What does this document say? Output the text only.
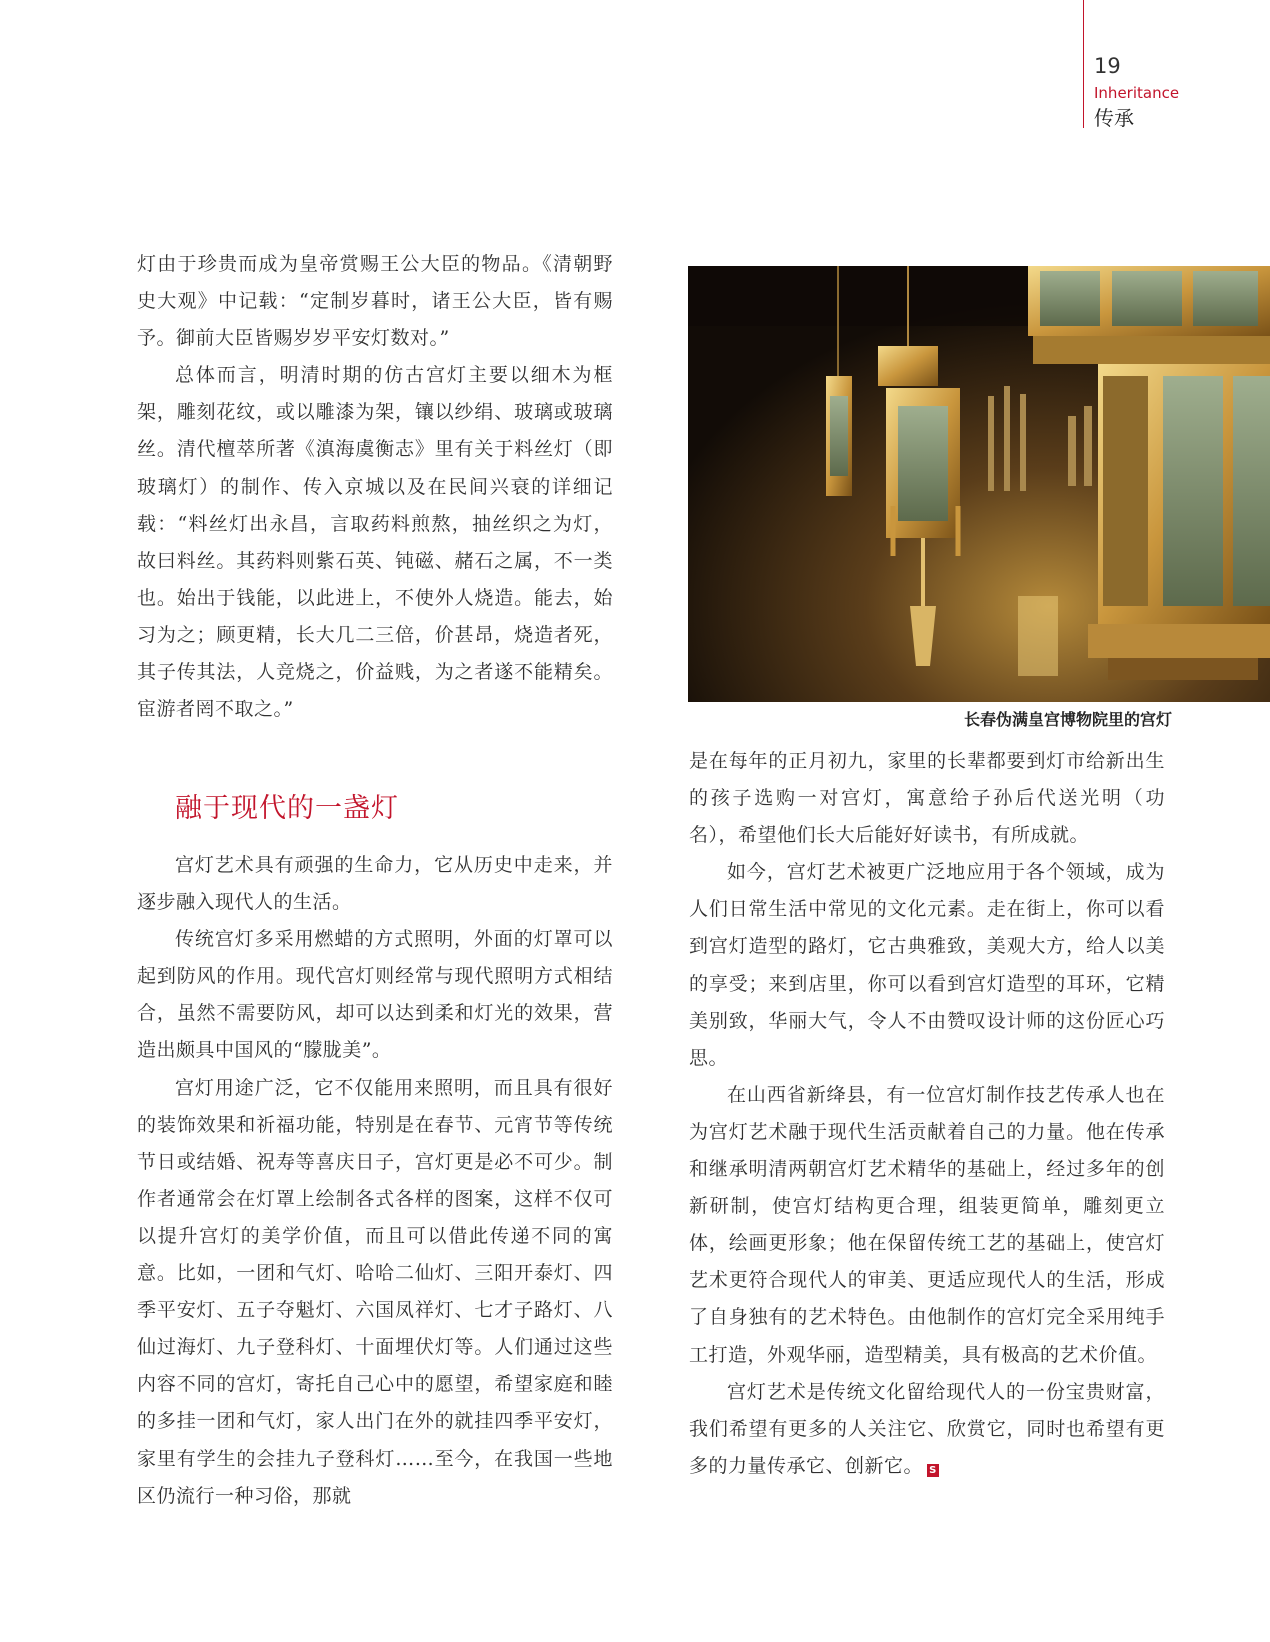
19
Inheritance
传承

灯由于珍贵而成为皇帝赏赐王公大臣的物品。《清朝野史大观》中记载：“定制岁暮时，诸王公大臣，皆有赐予。御前大臣皆赐岁岁平安灯数对。”

总体而言，明清时期的仿古宫灯主要以细木为框架，雕刻花纹，或以雕漆为架，镶以纱绢、玻璃或玻璃丝。清代檀萃所著《滇海虞衡志》里有关于料丝灯（即玻璃灯）的制作、传入京城以及在民间兴衰的详细记载：“料丝灯出永昌，言取药料煎熬，抽丝织之为灯，故曰料丝。其药料则紫石英、钝磁、赭石之属，不一类也。始出于钱能，以此进上，不使外人烧造。能去，始习为之；顾更精，长大几二三倍，价甚昂，烧造者死，其子传其法，人竞烧之，价益贱，为之者遂不能精矣。宦游者罔不取之。”

融于现代的一盏灯

宫灯艺术具有顽强的生命力，它从历史中走来，并逐步融入现代人的生活。

传统宫灯多采用燃蜡的方式照明，外面的灯罩可以起到防风的作用。现代宫灯则经常与现代照明方式相结合，虽然不需要防风，却可以达到柔和灯光的效果，营造出颇具中国风的“朦胧美”。

宫灯用途广泛，它不仅能用来照明，而且具有很好的装饰效果和祈福功能，特别是在春节、元宵节等传统节日或结婚、祝寿等喜庆日子，宫灯更是必不可少。制作者通常会在灯罩上绘制各式各样的图案，这样不仅可以提升宫灯的美学价值，而且可以借此传递不同的寓意。比如，一团和气灯、哈哈二仙灯、三阳开泰灯、四季平安灯、五子夺魁灯、六国凤祥灯、七才子路灯、八仙过海灯、九子登科灯、十面埋伏灯等。人们通过这些内容不同的宫灯，寄托自己心中的愿望，希望家庭和睦的多挂一团和气灯，家人出门在外的就挂四季平安灯，家里有学生的会挂九子登科灯……至今，在我国一些地区仍流行一种习俗，那就

长春伪满皇宫博物院里的宫灯

是在每年的正月初九，家里的长辈都要到灯市给新出生的孩子选购一对宫灯，寓意给子孙后代送光明（功名），希望他们长大后能好好读书，有所成就。

如今，宫灯艺术被更广泛地应用于各个领域，成为人们日常生活中常见的文化元素。走在街上，你可以看到宫灯造型的路灯，它古典雅致，美观大方，给人以美的享受；来到店里，你可以看到宫灯造型的耳环，它精美别致，华丽大气，令人不由赞叹设计师的这份匠心巧思。

在山西省新绛县，有一位宫灯制作技艺传承人也在为宫灯艺术融于现代生活贡献着自己的力量。他在传承和继承明清两朝宫灯艺术精华的基础上，经过多年的创新研制，使宫灯结构更合理，组装更简单，雕刻更立体，绘画更形象；他在保留传统工艺的基础上，使宫灯艺术更符合现代人的审美、更适应现代人的生活，形成了自身独有的艺术特色。由他制作的宫灯完全采用纯手工打造，外观华丽，造型精美，具有极高的艺术价值。

宫灯艺术是传统文化留给现代人的一份宝贵财富，我们希望有更多的人关注它、欣赏它，同时也希望有更多的力量传承它、创新它。 S
